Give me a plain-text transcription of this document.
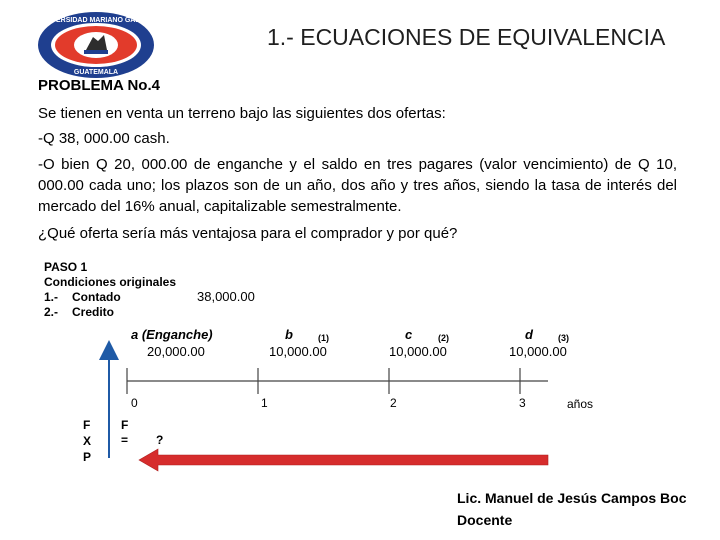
UNIVERSIDAD MARIANO GALVEZ
GUATEMALA
1.- ECUACIONES DE EQUIVALENCIA
PROBLEMA No.4
Se tienen en venta un terreno bajo las siguientes dos ofertas:
-Q 38, 000.00 cash.
-O bien Q 20, 000.00 de enganche y el saldo en tres pagares (valor vencimiento) de Q 10, 000.00 cada uno; los plazos son de un año, dos año y tres años, siendo la tasa de interés del mercado del 16% anual, capitalizable semestralmente.
¿Qué oferta sería más ventajosa para el comprador y por qué?
PASO 1
Condiciones originales
1.- Contado	38,000.00
2.- Credito
a (Enganche)
20,000.00
b	(1)
10,000.00
c	(2)
10,000.00
d	(3)
10,000.00
0	1	2	3	años
F
X
P
F
= ?
Lic. Manuel de Jesús Campos Boc
Docente
